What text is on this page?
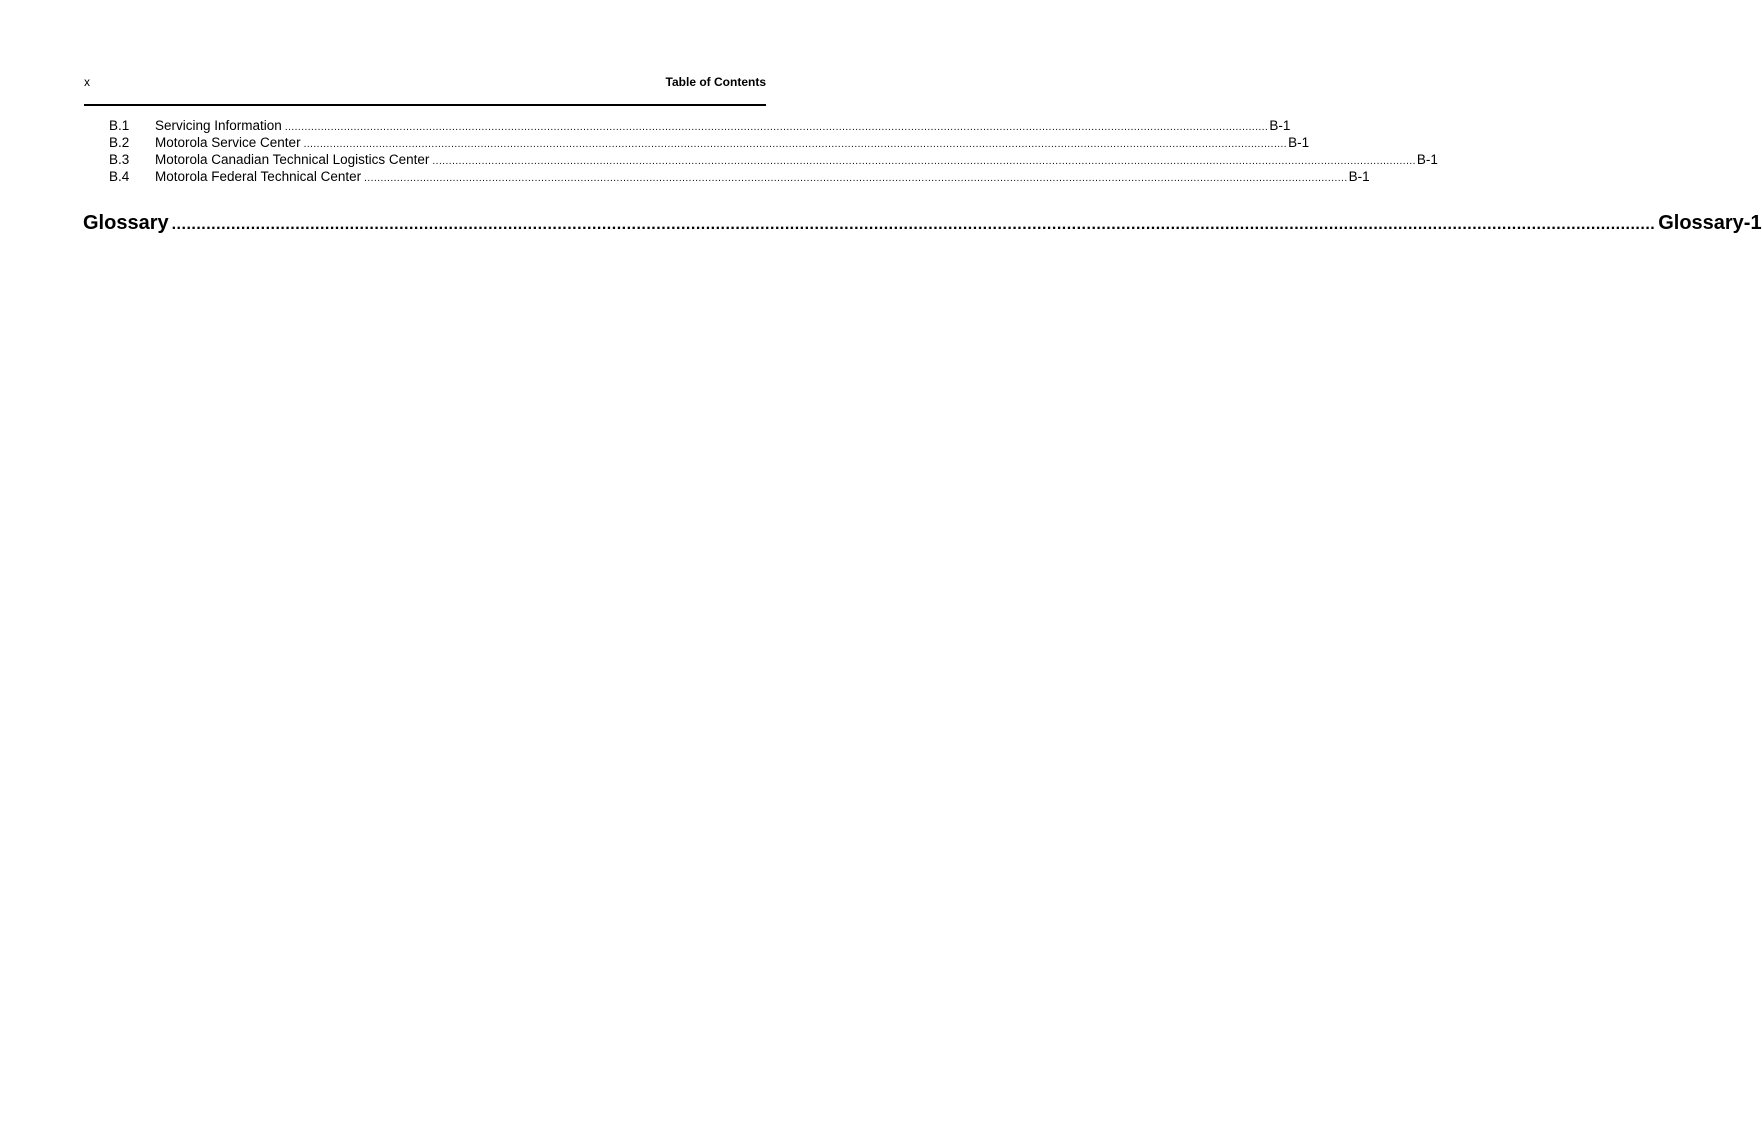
x	Table of Contents
B.1	Servicing Information ............................................................................................................................................................................................................................................................................................................ B-1
B.2	Motorola Service Center ............................................................................................................................................................................................................................................................................................................ B-1
B.3	Motorola Canadian Technical Logistics Center ............................................................................................................................................................................................................................................................................................................ B-1
B.4	Motorola Federal Technical Center ............................................................................................................................................................................................................................................................................................................ B-1
Glossary ............................................................................................................................................................................................................................................................................................................ Glossary-1
